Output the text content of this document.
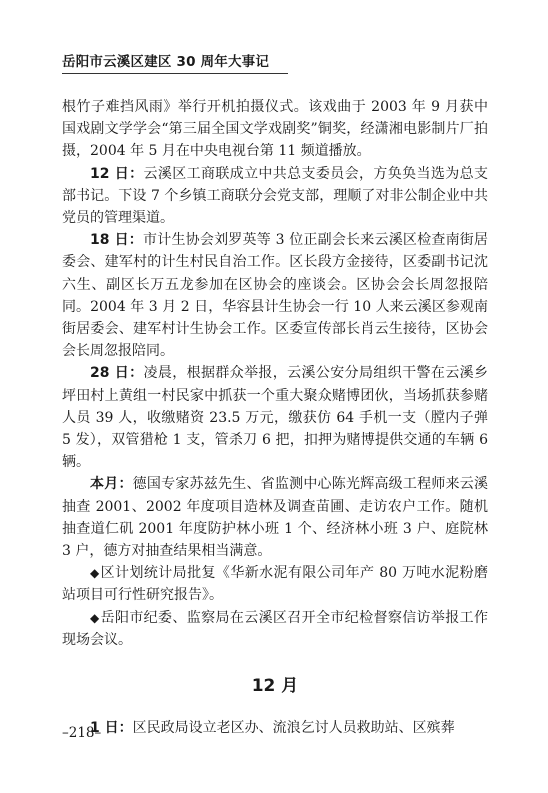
岳阳市云溪区建区 30 周年大事记

根竹子难挡风雨》举行开机拍摄仪式。该戏曲于 2003 年 9 月获中国戏剧文学学会“第三届全国文学戏剧奖”铜奖，经潇湘电影制片厂拍摄，2004 年 5 月在中央电视台第 11 频道播放。

12 日：云溪区工商联成立中共总支委员会，方奂奂当选为总支部书记。下设 7 个乡镇工商联分会党支部，理顺了对非公制企业中共党员的管理渠道。

18 日：市计生协会刘罗英等 3 位正副会长来云溪区检查南街居委会、建军村的计生村民自治工作。区长段方金接待，区委副书记沈六生、副区长万五龙参加在区协会的座谈会。区协会会长周忽报陪同。2004 年 3 月 2 日，华容县计生协会一行 10 人来云溪区参观南街居委会、建军村计生协会工作。区委宣传部长肖云生接待，区协会会长周忽报陪同。

28 日：凌晨，根据群众举报，云溪公安分局组织干警在云溪乡坪田村上黄组一村民家中抓获一个重大聚众赌博团伙，当场抓获参赌人员 39 人，收缴赌资 23.5 万元，缴获仿 64 手机一支（膛内子弹 5 发），双管猎枪 1 支，管杀刀 6 把，扣押为赌博提供交通的车辆 6 辆。

本月：德国专家苏兹先生、省监测中心陈光辉高级工程师来云溪抽查 2001、2002 年度项目造林及调查苗圃、走访农户工作。随机抽查道仁矶 2001 年度防护林小班 1 个、经济林小班 3 户、庭院林 3 户，德方对抽查结果相当满意。

◆区计划统计局批复《华新水泥有限公司年产 80 万吨水泥粉磨站项目可行性研究报告》。

◆岳阳市纪委、监察局在云溪区召开全市纪检督察信访举报工作现场会议。

12 月

1 日：区民政局设立老区办、流浪乞讨人员救助站、区殡葬

–218–
